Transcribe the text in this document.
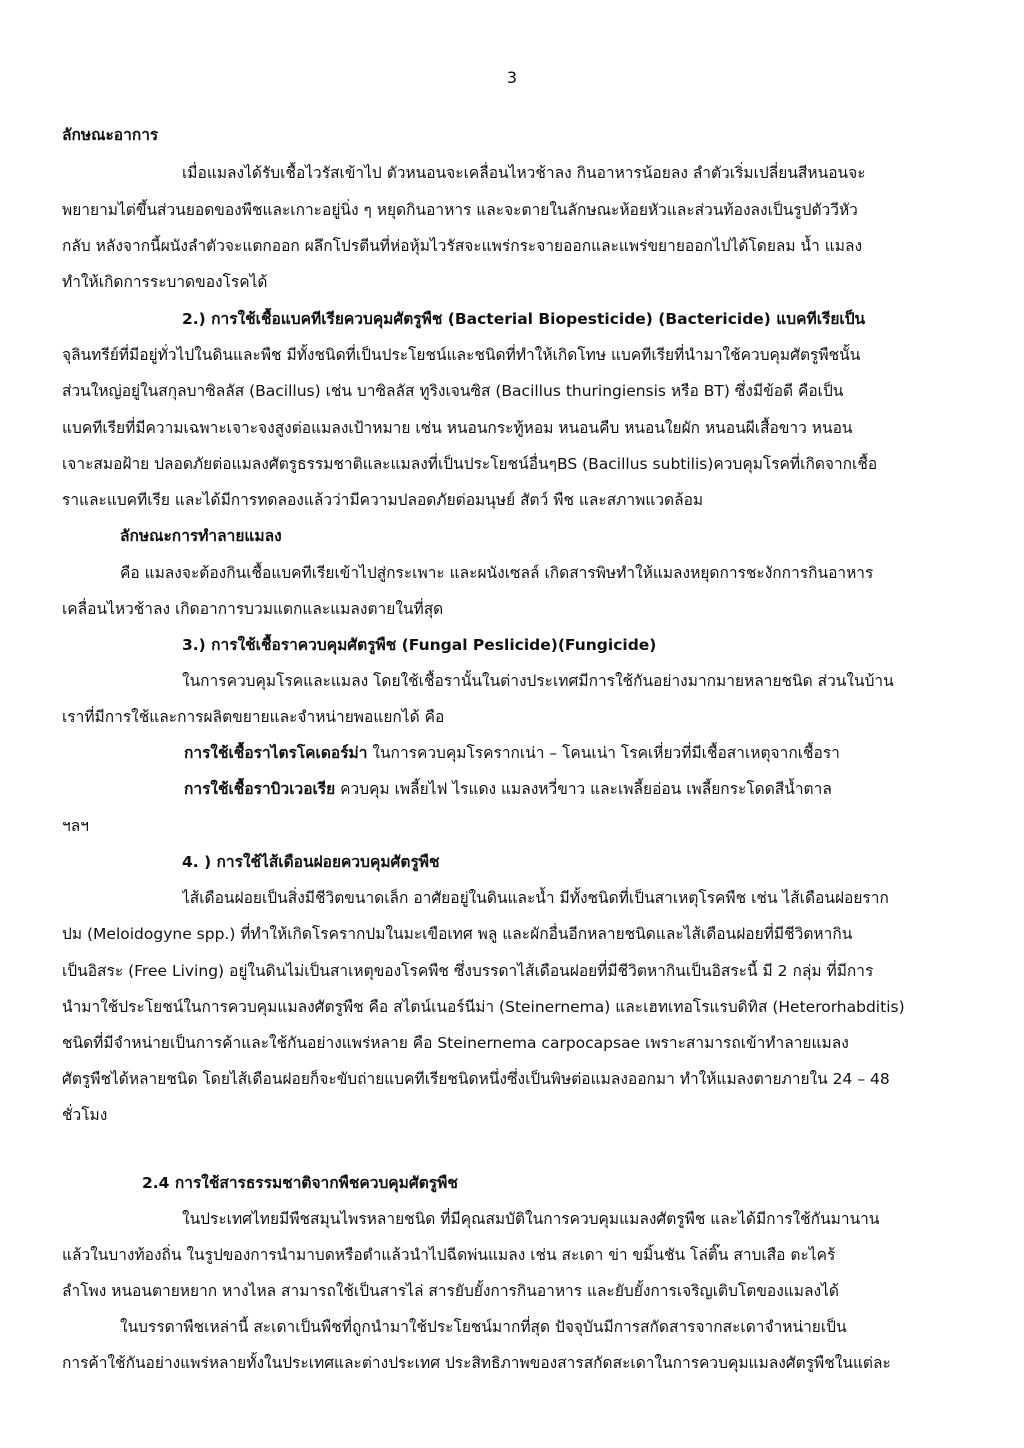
3
ลักษณะอาการ
เมื่อแมลงได้รับเชื้อไวรัสเข้าไป ตัวหนอนจะเคลื่อนไหวช้าลง กินอาหารน้อยลง ลำตัวเริ่มเปลี่ยนสีหนอนจะ
พยายามไต่ขึ้นส่วนยอดของพืชและเกาะอยู่นิ่ง ๆ หยุดกินอาหาร และจะตายในลักษณะห้อยหัวและส่วนท้องลงเป็นรูปตัววีหัว
กลับ หลังจากนี้ผนังลำตัวจะแตกออก ผลึกโปรตีนที่ห่อหุ้มไวรัสจะแพร่กระจายออกและแพร่ขยายออกไปได้โดยลม น้ำ แมลง
ทำให้เกิดการระบาดของโรคได้
2.) การใช้เชื้อแบคทีเรียควบคุมศัตรูพืช (Bacterial Biopesticide) (Bactericide) แบคทีเรียเป็น
จุลินทรีย์ที่มีอยู่ทั่วไปในดินและพืช มีทั้งชนิดที่เป็นประโยชน์และชนิดที่ทำให้เกิดโทษ แบคทีเรียที่นำมาใช้ควบคุมศัตรูพืชนั้น
ส่วนใหญ่อยู่ในสกุลบาซิลลัส (Bacillus) เช่น บาซิลลัส ทูริงเจนซิส (Bacillus thuringiensis หรือ BT) ซึ่งมีข้อดี คือเป็น
แบคทีเรียที่มีความเฉพาะเจาะจงสูงต่อแมลงเป้าหมาย เช่น หนอนกระทู้หอม หนอนคืบ หนอนใยผัก หนอนผีเสื้อขาว หนอน
เจาะสมอฝ้าย ปลอดภัยต่อแมลงศัตรูธรรมชาติและแมลงที่เป็นประโยชน์อื่นๆBS (Bacillus subtilis)ควบคุมโรคที่เกิดจากเชื้อ
ราและแบคทีเรีย และได้มีการทดลองแล้วว่ามีความปลอดภัยต่อมนุษย์ สัตว์ พืช และสภาพแวดล้อม
ลักษณะการทำลายแมลง
คือ แมลงจะต้องกินเชื้อแบคทีเรียเข้าไปสู่กระเพาะ และผนังเซลล์ เกิดสารพิษทำให้แมลงหยุดการชะงักการกินอาหาร
เคลื่อนไหวช้าลง เกิดอาการบวมแตกและแมลงตายในที่สุด
3.) การใช้เชื้อราควบคุมศัตรูพืช (Fungal Peslicide)(Fungicide)
ในการควบคุมโรคและแมลง โดยใช้เชื้อรานั้นในต่างประเทศมีการใช้กันอย่างมากมายหลายชนิด ส่วนในบ้าน
เราที่มีการใช้และการผลิตขยายและจำหน่ายพอแยกได้ คือ
การใช้เชื้อราไตรโคเดอร์ม่า ในการควบคุมโรครากเน่า – โคนเน่า โรคเหี่ยวที่มีเชื้อสาเหตุจากเชื้อรา
การใช้เชื้อราบิวเวอเรีย ควบคุม เพลี้ยไฟ ไรแดง แมลงหวี่ขาว และเพลี้ยอ่อน เพลี้ยกระโดดสีน้ำตาล
ฯลฯ
4. ) การใช้ไส้เดือนฝอยควบคุมศัตรูพืช
ไส้เดือนฝอยเป็นสิ่งมีชีวิตขนาดเล็ก อาศัยอยู่ในดินและน้ำ มีทั้งชนิดที่เป็นสาเหตุโรคพืช เช่น ไส้เดือนฝอยราก
ปม (Meloidogyne spp.) ที่ทำให้เกิดโรครากปมในมะเขือเทศ พลู และผักอื่นอีกหลายชนิดและไส้เดือนฝอยที่มีชีวิตหากิน
เป็นอิสระ (Free Living) อยู่ในดินไม่เป็นสาเหตุของโรคพืช ซึ่งบรรดาไส้เดือนฝอยที่มีชีวิตหากินเป็นอิสระนี้ มี 2 กลุ่ม ที่มีการ
นำมาใช้ประโยชน์ในการควบคุมแมลงศัตรูพืช คือ สไตน์เนอร์นีม่า (Steinernema) และเฮทเทอโรแรบดิทิส (Heterorhabditis)
ชนิดที่มีจำหน่ายเป็นการค้าและใช้กันอย่างแพร่หลาย คือ Steinernema carpocapsae เพราะสามารถเข้าทำลายแมลง
ศัตรูพืชได้หลายชนิด โดยไส้เดือนฝอยก็จะขับถ่ายแบคทีเรียชนิดหนึ่งซึ่งเป็นพิษต่อแมลงออกมา ทำให้แมลงตายภายใน 24 – 48
ชั่วโมง
2.4 การใช้สารธรรมชาติจากพืชควบคุมศัตรูพืช
ในประเทศไทยมีพืชสมุนไพรหลายชนิด ที่มีคุณสมบัติในการควบคุมแมลงศัตรูพืช และได้มีการใช้กันมานาน
แล้วในบางท้องถิ่น ในรูปของการนำมาบดหรือตำแล้วนำไปฉีดพ่นแมลง เช่น สะเดา ข่า ขมิ้นชัน โล่ติ๊น สาบเสือ ตะไคร้
ลำโพง หนอนตายหยาก หางไหล สามารถใช้เป็นสารไล่ สารยับยั้งการกินอาหาร และยับยั้งการเจริญเติบโตของแมลงได้
ในบรรดาพืชเหล่านี้ สะเดาเป็นพืชที่ถูกนำมาใช้ประโยชน์มากที่สุด ปัจจุบันมีการสกัดสารจากสะเดาจำหน่ายเป็น
การค้าใช้กันอย่างแพร่หลายทั้งในประเทศและต่างประเทศ ประสิทธิภาพของสารสกัดสะเดาในการควบคุมแมลงศัตรูพืชในแต่ละ
